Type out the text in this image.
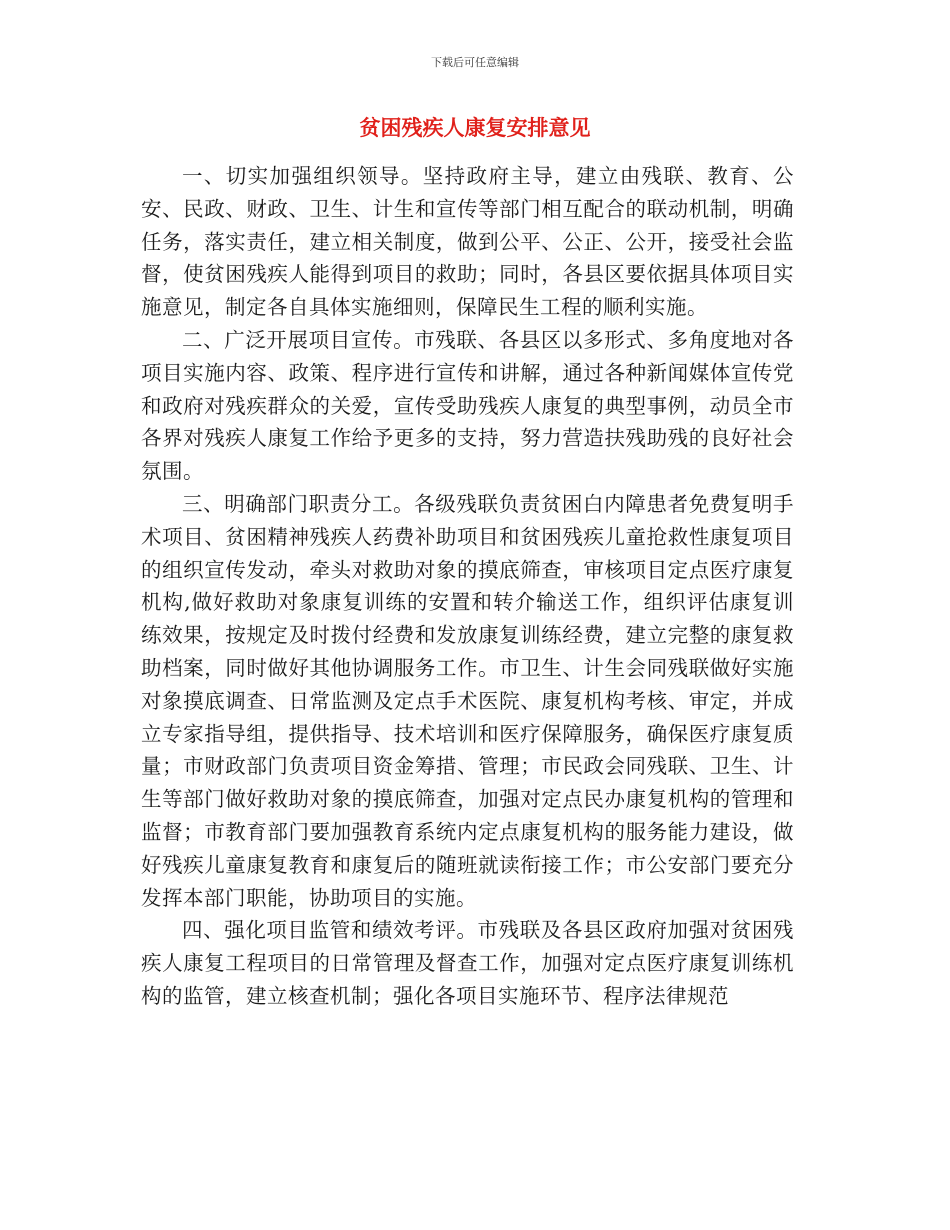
下载后可任意编辑
贫困残疾人康复安排意见

一、切实加强组织领导。坚持政府主导，建立由残联、教育、公安、民政、财政、卫生、计生和宣传等部门相互配合的联动机制，明确任务，落实责任，建立相关制度，做到公平、公正、公开，接受社会监督，使贫困残疾人能得到项目的救助；同时，各县区要依据具体项目实施意见，制定各自具体实施细则，保障民生工程的顺利实施。

二、广泛开展项目宣传。市残联、各县区以多形式、多角度地对各项目实施内容、政策、程序进行宣传和讲解，通过各种新闻媒体宣传党和政府对残疾群众的关爱，宣传受助残疾人康复的典型事例，动员全市各界对残疾人康复工作给予更多的支持，努力营造扶残助残的良好社会氛围。

三、明确部门职责分工。各级残联负责贫困白内障患者免费复明手术项目、贫困精神残疾人药费补助项目和贫困残疾儿童抢救性康复项目的组织宣传发动，牵头对救助对象的摸底筛查，审核项目定点医疗康复机构,做好救助对象康复训练的安置和转介输送工作，组织评估康复训练效果，按规定及时拨付经费和发放康复训练经费，建立完整的康复救助档案，同时做好其他协调服务工作。市卫生、计生会同残联做好实施对象摸底调查、日常监测及定点手术医院、康复机构考核、审定，并成立专家指导组，提供指导、技术培训和医疗保障服务，确保医疗康复质量；市财政部门负责项目资金筹措、管理；市民政会同残联、卫生、计生等部门做好救助对象的摸底筛查，加强对定点民办康复机构的管理和监督；市教育部门要加强教育系统内定点康复机构的服务能力建设，做好残疾儿童康复教育和康复后的随班就读衔接工作；市公安部门要充分发挥本部门职能，协助项目的实施。

四、强化项目监管和绩效考评。市残联及各县区政府加强对贫困残疾人康复工程项目的日常管理及督查工作，加强对定点医疗康复训练机构的监管，建立核查机制；强化各项目实施环节、程序法律规范
